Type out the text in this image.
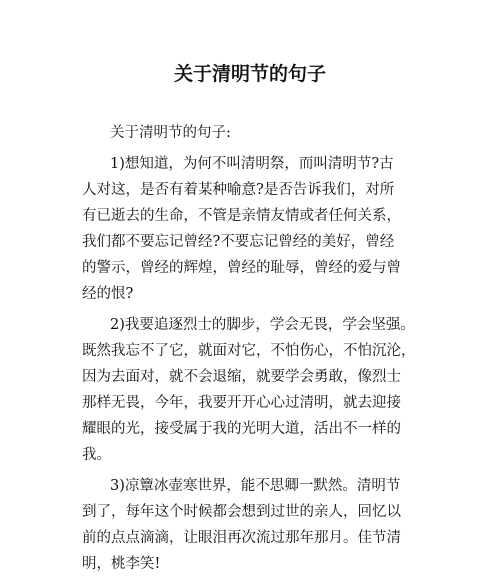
关于清明节的句子
关于清明节的句子:
1)想知道，为何不叫清明祭，而叫清明节?古
人对这，是否有着某种喻意?是否告诉我们，对所
有已逝去的生命，不管是亲情友情或者任何关系，
我们都不要忘记曾经?不要忘记曾经的美好，曾经
的警示，曾经的辉煌，曾经的耻辱，曾经的爱与曾
经的恨?
2)我要追逐烈士的脚步，学会无畏，学会坚强。
既然我忘不了它，就面对它，不怕伤心，不怕沉沦，
因为去面对，就不会退缩，就要学会勇敢，像烈士
那样无畏，今年，我要开开心心过清明，就去迎接
耀眼的光，接受属于我的光明大道，活出不一样的
我。
3)凉簟冰壶寒世界，能不思卿一默然。清明节
到了，每年这个时候都会想到过世的亲人，回忆以
前的点点滴滴，让眼泪再次流过那年那月。佳节清
明，桃李笑!
